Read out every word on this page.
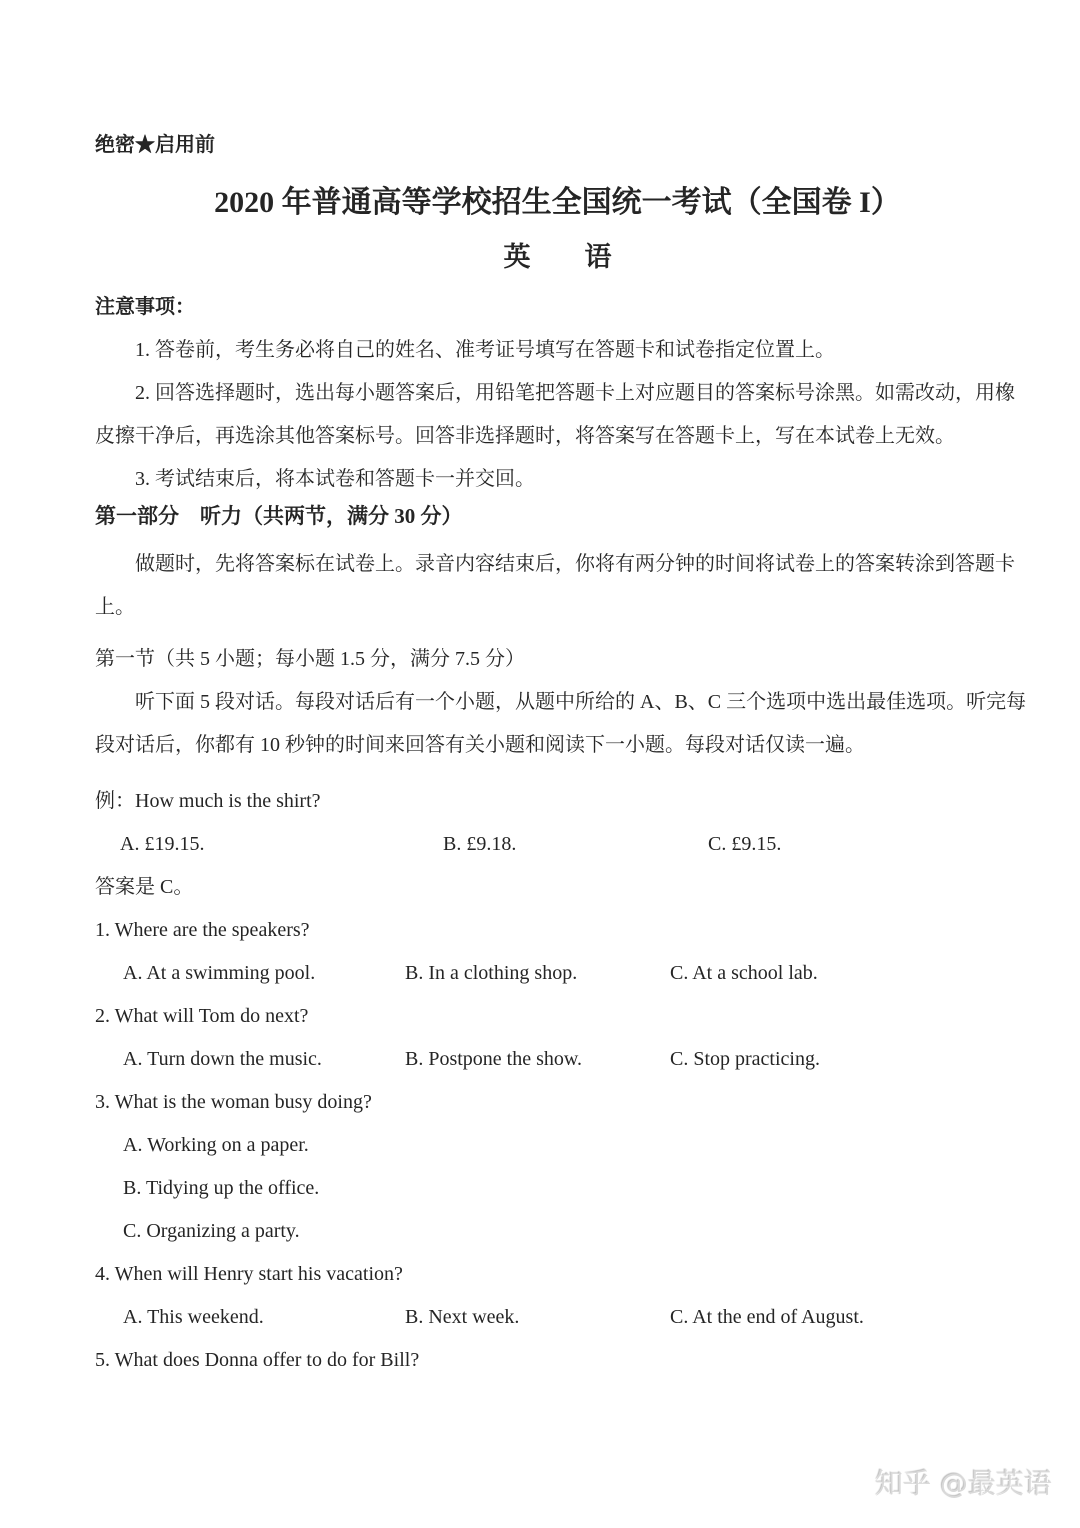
绝密★启用前
2020 年普通高等学校招生全国统一考试（全国卷 I）
英　　语
注意事项：
1. 答卷前，考生务必将自己的姓名、准考证号填写在答题卡和试卷指定位置上。
2. 回答选择题时，选出每小题答案后，用铅笔把答题卡上对应题目的答案标号涂黑。如需改动，用橡
皮擦干净后，再选涂其他答案标号。回答非选择题时，将答案写在答题卡上，写在本试卷上无效。
3. 考试结束后，将本试卷和答题卡一并交回。
第一部分　听力（共两节，满分 30 分）
做题时，先将答案标在试卷上。录音内容结束后，你将有两分钟的时间将试卷上的答案转涂到答题卡
上。
第一节（共 5 小题；每小题 1.5 分，满分 7.5 分）
听下面 5 段对话。每段对话后有一个小题，从题中所给的 A、B、C 三个选项中选出最佳选项。听完每
段对话后，你都有 10 秒钟的时间来回答有关小题和阅读下一小题。每段对话仅读一遍。
例：How much is the shirt?
A. £19.15.	B. £9.18.	C. £9.15.
答案是 C。
1. Where are the speakers?
A. At a swimming pool.	B. In a clothing shop.	C. At a school lab.
2. What will Tom do next?
A. Turn down the music.	B. Postpone the show.	C. Stop practicing.
3. What is the woman busy doing?
A. Working on a paper.
B. Tidying up the office.
C. Organizing a party.
4. When will Henry start his vacation?
A. This weekend.	B. Next week.	C. At the end of August.
5. What does Donna offer to do for Bill?
知乎 @最英语
